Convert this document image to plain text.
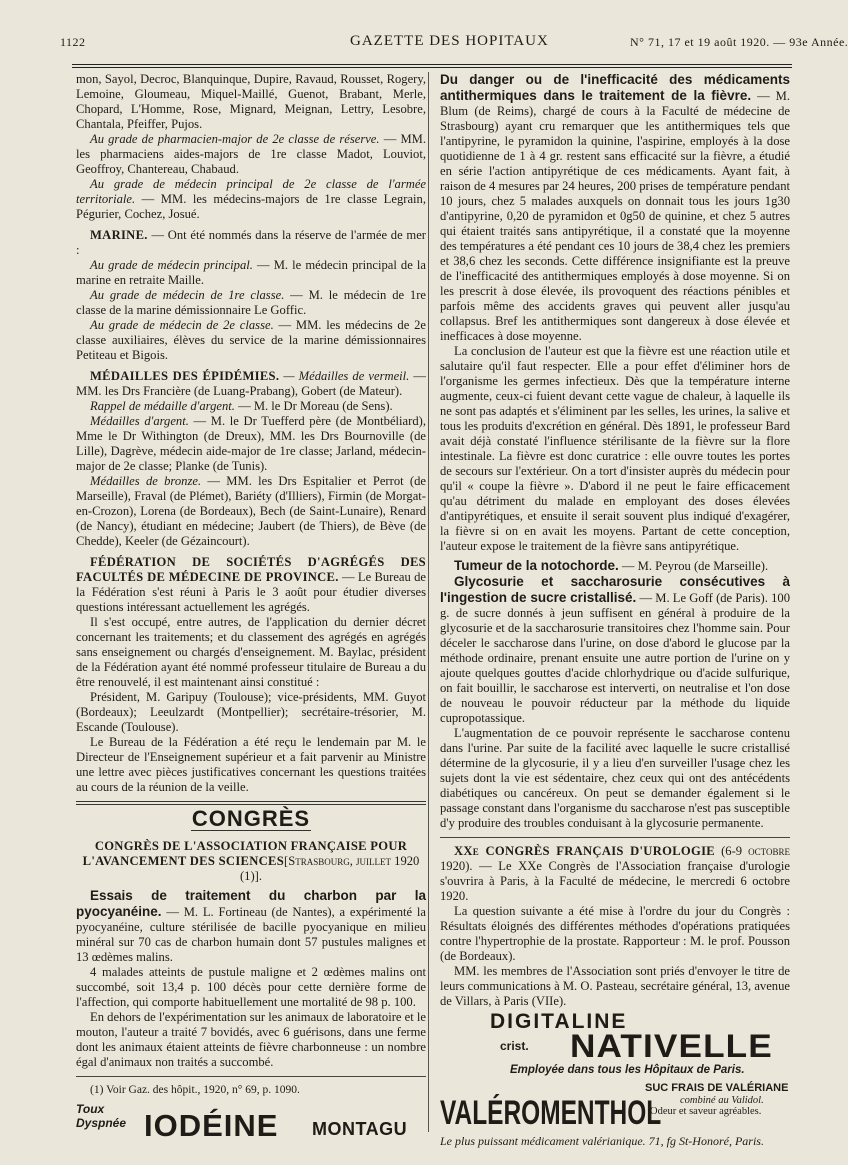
1122	GAZETTE DES HOPITAUX	N° 71, 17 et 19 août 1920. — 93e Année.

mon, Sayol, Decroc, Blanquinque, Dupire, Ravaud, Rousset, Rogery, Lemoine, Gloumeau, Miquel-Maillé, Guenot, Brabant, Merle, Chopard, L'Homme, Rose, Mignard, Meignan, Lettry, Lesobre, Chantala, Pfeiffer, Pujos.

Au grade de pharmacien-major de 2e classe de réserve. — MM. les pharmaciens aides-majors de 1re classe Madot, Louviot, Geoffroy, Chantereau, Chabaud.

Au grade de médecin principal de 2e classe de l'armée territoriale. — MM. les médecins-majors de 1re classe Legrain, Pégurier, Cochez, Josué.

MARINE. — Ont été nommés dans la réserve de l'armée de mer :

Au grade de médecin principal. — M. le médecin principal de la marine en retraite Maille.

Au grade de médecin de 1re classe. — M. le médecin de 1re classe de la marine démissionnaire Le Goffic.

Au grade de médecin de 2e classe. — MM. les médecins de 2e classe auxiliaires, élèves du service de la marine démissionnaires Petiteau et Bigois.

MÉDAILLES DES ÉPIDÉMIES. — Médailles de vermeil. — MM. les Drs Francière (de Luang-Prabang), Gobert (de Mateur).

Rappel de médaille d'argent. — M. le Dr Moreau (de Sens).

Médailles d'argent. — M. le Dr Tuefferd père (de Montbéliard), Mme le Dr Withington (de Dreux), MM. les Drs Bournoville (de Lille), Dagrève, médecin aide-major de 1re classe; Jarland, médecin-major de 2e classe; Planke (de Tunis).

Médailles de bronze. — MM. les Drs Espitalier et Perrot (de Marseille), Fraval (de Plémet), Bariéty (d'Illiers), Firmin (de Morgat-en-Crozon), Lorena (de Bordeaux), Bech (de Saint-Lunaire), Renard (de Nancy), étudiant en médecine; Jaubert (de Thiers), de Bève (de Chedde), Keeler (de Gézaincourt).

FÉDÉRATION DE SOCIÉTÉS D'AGRÉGÉS DES FACULTÉS DE MÉDECINE DE PROVINCE. — Le Bureau de la Fédération s'est réuni à Paris le 3 août pour étudier diverses questions intéressant actuellement les agrégés.

Il s'est occupé, entre autres, de l'application du dernier décret concernant les traitements; et du classement des agrégés en agrégés sans enseignement ou chargés d'enseignement. M. Baylac, président de la Fédération ayant été nommé professeur titulaire de Bureau a du être renouvelé, il est maintenant ainsi constitué :

Président, M. Garipuy (Toulouse); vice-présidents, MM. Guyot (Bordeaux); Leeulzardt (Montpellier); secrétaire-trésorier, M. Escande (Toulouse).

Le Bureau de la Fédération a été reçu le lendemain par M. le Directeur de l'Enseignement supérieur et a fait parvenir au Ministre une lettre avec pièces justificatives concernant les questions traitées au cours de la réunion de la veille.

CONGRÈS

CONGRÈS DE L'ASSOCIATION FRANÇAISE POUR L'AVANCEMENT DES SCIENCES[Strasbourg, juillet 1920 (1)].

Essais de traitement du charbon par la pyocyanéine. — M. L. Fortineau (de Nantes), a expérimenté la pyocyanéine, culture stérilisée de bacille pyocyanique en milieu minéral sur 70 cas de charbon humain dont 57 pustules malignes et 13 œdèmes malins.

4 malades atteints de pustule maligne et 2 œdèmes malins ont succombé, soit 13,4 p. 100 décès pour cette dernière forme de l'affection, qui comporte habituellement une mortalité de 98 p. 100.

En dehors de l'expérimentation sur les animaux de laboratoire et le mouton, l'auteur a traité 7 bovidés, avec 6 guérisons, dans une ferme dont les animaux étaient atteints de fièvre charbonneuse : un nombre égal d'animaux non traités a succombé.

(1) Voir Gaz. des hôpit., 1920, n° 69, p. 1090.

Du danger ou de l'inefficacité des médicaments antithermiques dans le traitement de la fièvre. — M. Blum (de Reims), chargé de cours à la Faculté de médecine de Strasbourg) ayant cru remarquer que les antithermiques tels que l'antipyrine, le pyramidon la quinine, l'aspirine, employés à la dose quotidienne de 1 à 4 gr. restent sans efficacité sur la fièvre, a étudié en série l'action antipyrétique de ces médicaments. Ayant fait, à raison de 4 mesures par 24 heures, 200 prises de température pendant 10 jours, chez 5 malades auxquels on donnait tous les jours 1g30 d'antipyrine, 0,20 de pyramidon et 0g50 de quinine, et chez 5 autres qui étaient traités sans antipyrétique, il a constaté que la moyenne des températures a été pendant ces 10 jours de 38,4 chez les premiers et 38,6 chez les seconds. Cette différence insignifiante est la preuve de l'inefficacité des antithermiques employés à dose moyenne. Si on les prescrit à dose élevée, ils provoquent des réactions pénibles et parfois même des accidents graves qui peuvent aller jusqu'au collapsus. Bref les antithermiques sont dangereux à dose élevée et inefficaces à dose moyenne.

La conclusion de l'auteur est que la fièvre est une réaction utile et salutaire qu'il faut respecter. Elle a pour effet d'éliminer hors de l'organisme les germes infectieux. Dès que la température interne augmente, ceux-ci fuient devant cette vague de chaleur, à laquelle ils ne sont pas adaptés et s'éliminent par les selles, les urines, la salive et tous les produits d'excrétion en général. Dès 1891, le professeur Bard avait déjà constaté l'influence stérilisante de la fièvre sur la flore intestinale. La fièvre est donc curatrice : elle ouvre toutes les portes de secours sur l'extérieur. On a tort d'insister auprès du médecin pour qu'il « coupe la fièvre ». D'abord il ne peut le faire efficacement qu'au détriment du malade en employant des doses élevées d'antipyrétiques, et ensuite il serait souvent plus indiqué d'exagérer, la fièvre si on en avait les moyens. Partant de cette conception, l'auteur expose le traitement de la fièvre sans antipyrétique.

Tumeur de la notochorde. — M. Peyrou (de Marseille).

Glycosurie et saccharosurie consécutives à l'ingestion de sucre cristallisé. — M. Le Goff (de Paris). 100 g. de sucre donnés à jeun suffisent en général à produire de la glycosurie et de la saccharosurie transitoires chez l'homme sain. Pour déceler le saccharose dans l'urine, on dose d'abord le glucose par la méthode ordinaire, prenant ensuite une autre portion de l'urine on y ajoute quelques gouttes d'acide chlorhydrique ou d'acide sulfurique, on fait bouillir, le saccharose est interverti, on neutralise et l'on dose de nouveau le pouvoir réducteur par la méthode du liquide cupropotassique.

L'augmentation de ce pouvoir représente le saccharose contenu dans l'urine. Par suite de la facilité avec laquelle le sucre cristallisé détermine de la glycosurie, il y a lieu d'en surveiller l'usage chez les sujets dont la vie est sédentaire, chez ceux qui ont des antécédents diabétiques ou cancéreux. On peut se demander également si le passage constant dans l'organisme du saccharose n'est pas susceptible d'y produire des troubles conduisant à la glycosurie permanente.

XXe CONGRÈS FRANÇAIS D'UROLOGIE (6-9 octobre 1920). — Le XXe Congrès de l'Association française d'urologie s'ouvrira à Paris, à la Faculté de médecine, le mercredi 6 octobre 1920.

La question suivante a été mise à l'ordre du jour du Congrès : Résultats éloignés des différentes méthodes d'opérations pratiquées contre l'hypertrophie de la prostate. Rapporteur : M. le prof. Pousson (de Bordeaux).

MM. les membres de l'Association sont priés d'envoyer le titre de leurs communications à M. O. Pasteau, secrétaire général, 13, avenue de Villars, à Paris (VIIe).

DIGITALINE
crist. NATIVELLE
Employée dans tous les Hôpitaux de Paris.
SUC FRAIS DE VALÉRIANE
combiné au Validol.
Odeur et saveur agréables.
VALÉROMENTHOL
Le plus puissant médicament valérianique. 71, fg St-Honoré, Paris.
Toux
Dyspnée IODÉINE MONTAGU
